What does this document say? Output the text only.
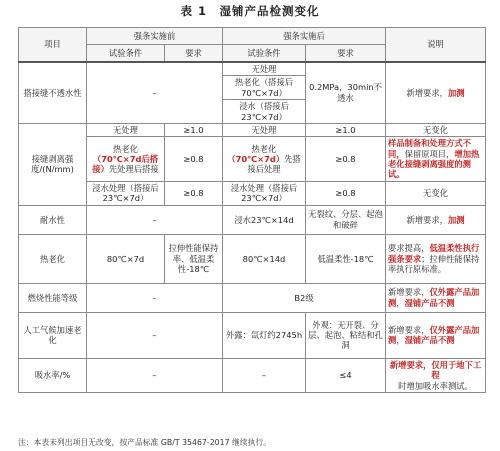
表 1　湿铺产品检测变化
项目	强条实施前		强条实施后		说明
	试验条件	要求	试验条件	要求	
搭接缝不透水性	–		无处理	0.2MPa，30min不透水	新增要求，加测
			热老化（搭接后70℃×7d）		
			浸水（搭接后23℃×7d）		
接缝剥离强度/(N/mm)	无处理	≥1.0	无处理	≥1.0	无变化
	热老化（70℃×7d后搭接）先处理后搭接	≥0.8	热老化（70℃×7d）先搭接后处理	≥0.8	样品制备和处理方式不同，保留原项目，增加热老化接缝剥离强度的测试。
	浸水处理（搭接后23℃×7d）	≥0.8	浸水处理（搭接后23℃×7d）	≥0.8	无变化
耐水性	–		浸水23℃×14d	无裂纹、分层、起泡和破碎	新增要求，加测
热老化	80℃×7d	拉伸性能保持率、低温柔性-18℃	80℃×14d	低温柔性-18℃	要求提高，低温柔性执行强条要求；拉伸性能保持率执行原标准。
燃烧性能等级	–		B2级		新增要求，仅外露产品加测，湿铺产品不测
人工气候加速老化	–		外露：氙灯约2745h	外观：无开裂、分层、起泡、粘结和孔洞	新增要求，仅外露产品加测，湿铺产品不测
吸水率/%	–		–	≤4	新增要求，仅用于地下工程
时增加吸水率测试。
注：本表未列出项目无改变，按产品标准 GB/T 35467-2017 继续执行。
